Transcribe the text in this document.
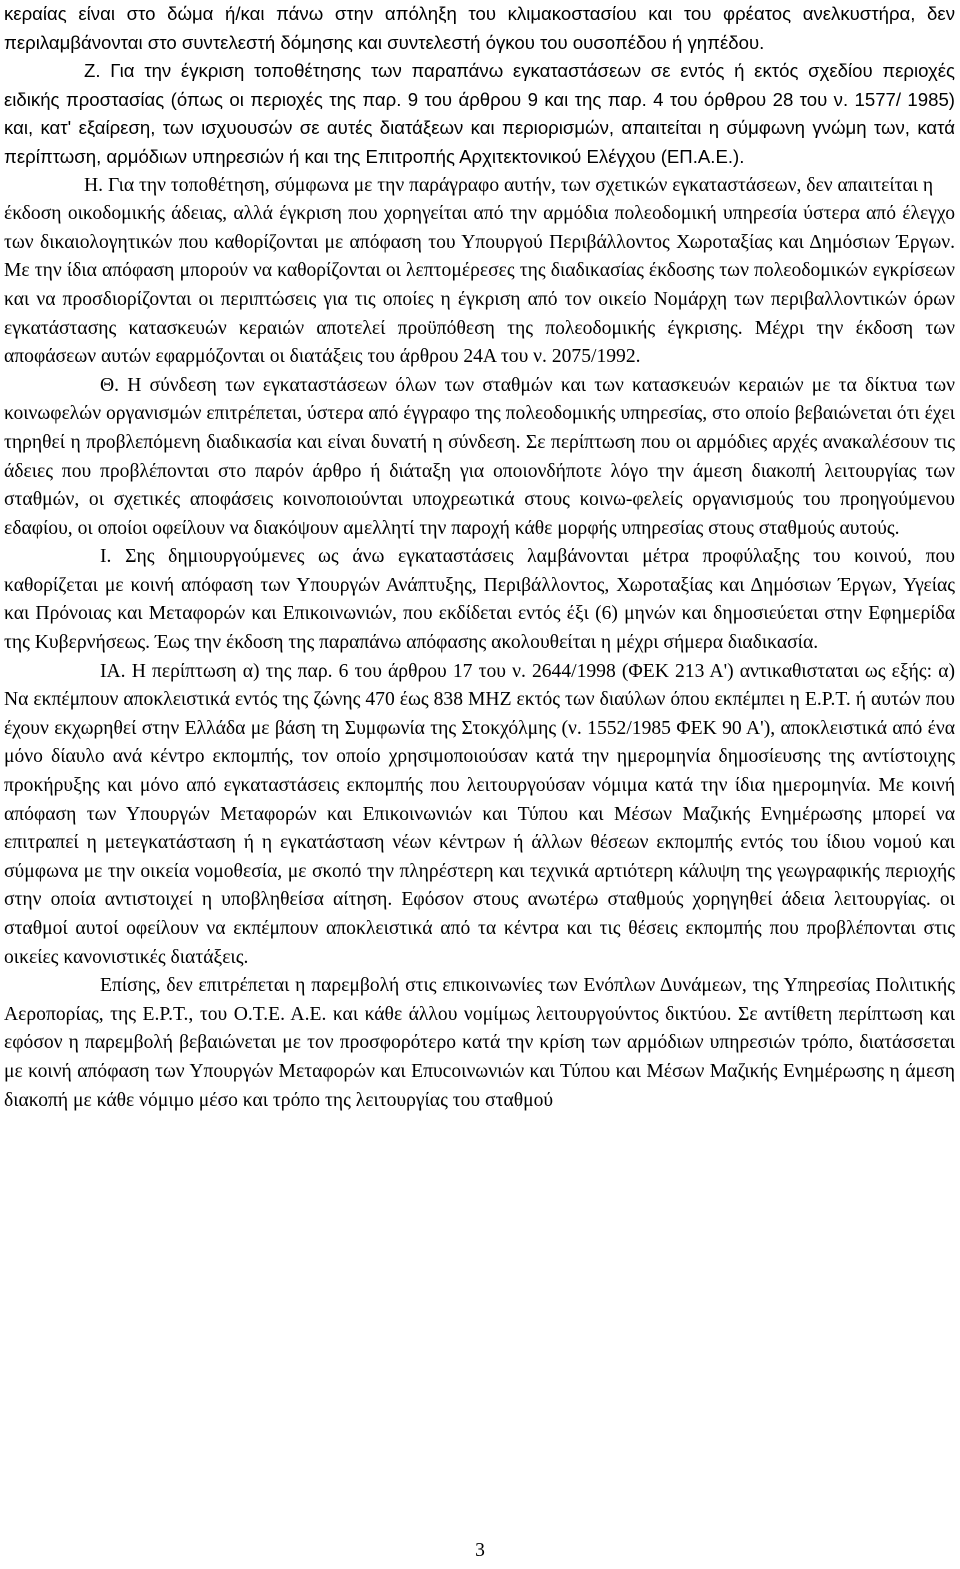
κεραίας είναι στο δώμα ή/και πάνω στην απόληξη του κλιμακοστασίου και του φρέατος ανελκυστήρα, δεν περιλαμβάνονται στο συντελεστή δόμησης και συντελεστή όγκου του ουσοπέδου ή γηπέδου.

Ζ. Για την έγκριση τοποθέτησης των παραπάνω εγκαταστάσεων σε εντός ή εκτός σχεδίου περιοχές ειδικής προστασίας (όπως οι περιοχές της παρ. 9 του άρθρου 9 και της παρ. 4 του όρθρου 28 του ν. 1577/ 1985) και, κατ' εξαίρεση, των ισχυουσών σε αυτές διατάξεων και περιορισμών, απαιτείται η σύμφωνη γνώμη των, κατά περίπτωση, αρμόδιων υπηρεσιών ή και της Επιτροπής Αρχιτεκτονικού Ελέγχου (ΕΠ.Α.Ε.).

Η. Για την τοποθέτηση, σύμφωνα με την παράγραφο αυτήν, των σχετικών εγκαταστάσεων, δεν απαιτείται η

έκδοση οικοδομικής άδειας, αλλά έγκριση που χορηγείται από την αρμόδια πολεοδομική υπηρεσία ύστερα από έλεγχο των δικαιολογητικών που καθορίζονται με απόφαση του Υπουργού Περιβάλλοντος Χωροταξίας και Δημόσιων Έργων. Με την ίδια απόφαση μπορούν να καθορίζονται οι λεπτομέρεσες της διαδικασίας έκδοσης των πολεοδομικών εγκρίσεων και να προσδιορίζονται οι περιπτώσεις για τις οποίες η έγκριση από τον οικείο Νομάρχη των περιβαλλοντικών όρων εγκατάστασης κατασκευών κεραιών αποτελεί προϋπόθεση της πολεοδομικής έγκρισης. Μέχρι την έκδοση των αποφάσεων αυτών εφαρμόζονται οι διατάξεις του άρθρου 24Α του ν. 2075/1992.

Θ. Η σύνδεση των εγκαταστάσεων όλων των σταθμών και των κατασκευών κεραιών με τα δίκτυα των κοινωφελών οργανισμών επιτρέπεται, ύστερα από έγγραφο της πολεοδομικής υπηρεσίας, στο οποίο βεβαιώνεται ότι έχει τηρηθεί η προβλεπόμενη διαδικασία και είναι δυνατή η σύνδεση. Σε περίπτωση που οι αρμόδιες αρχές ανακαλέσουν τις άδειες που προβλέπονται στο παρόν άρθρο ή διάταξη για οποιονδήποτε λόγο την άμεση διακοπή λειτουργίας των σταθμών, οι σχετικές αποφάσεις κοινοποιούνται υποχρεωτικά στους κοινω-φελείς οργανισμούς του προηγούμενου εδαφίου, οι οποίοι οφείλουν να διακόψουν αμελλητί την παροχή κάθε μορφής υπηρεσίας στους σταθμούς αυτούς.

Ι. Σης δημιουργούμενες ως άνω εγκαταστάσεις λαμβάνονται μέτρα προφύλαξης του κοινού, που καθορίζεται με κοινή απόφαση των Υπουργών Ανάπτυξης, Περιβάλλοντος, Χωροταξίας και Δημόσιων Έργων, Υγείας και Πρόνοιας και Μεταφορών και Επικοινωνιών, που εκδίδεται εντός έξι (6) μηνών και δημοσιεύεται στην Εφημερίδα της Κυβερνήσεως. Έως την έκδοση της παραπάνω απόφασης ακολουθείται η μέχρι σήμερα διαδικασία.

ΙΑ. Η περίπτωση α) της παρ. 6 του άρθρου 17 του ν. 2644/1998 (ΦΕΚ 213 Α') αντικαθισταται ως εξής: α) Να εκπέμπουν αποκλειστικά εντός της ζώνης 470 έως 838 MHZ εκτός των διαύλων όπου εκπέμπει η Ε.Ρ.Τ. ή αυτών που έχουν εκχωρηθεί στην Ελλάδα με βάση τη Συμφωνία της Στοκχόλμης (ν. 1552/1985 ΦΕΚ 90 Α'), αποκλειστικά από ένα μόνο δίαυλο ανά κέντρο εκπομπής, τον οποίο χρησιμοποιούσαν κατά την ημερομηνία δημοσίευσης της αντίστοιχης προκήρυξης και μόνο από εγκαταστάσεις εκπομπής που λειτουργούσαν νόμιμα κατά την ίδια ημερομηνία. Με κοινή απόφαση των Υπουργών Μεταφορών και Επικοινωνιών και Τύπου και Μέσων Μαζικής Ενημέρωσης μπορεί να επιτραπεί η μετεγκατάσταση ή η εγκατάσταση νέων κέντρων ή άλλων θέσεων εκπομπής εντός του ίδιου νομού και σύμφωνα με την οικεία νομοθεσία, με σκοπό την πληρέστερη και τεχνικά αρτιότερη κάλυψη της γεωγραφικής περιοχής στην οποία αντιστοιχεί η υποβληθείσα αίτηση. Εφόσον στους ανωτέρω σταθμούς χορηγηθεί άδεια λειτουργίας. οι σταθμοί αυτοί οφείλουν να εκπέμπουν αποκλειστικά από τα κέντρα και τις θέσεις εκπομπής που προβλέπονται στις οικείες κανονιστικές διατάξεις.

Επίσης, δεν επιτρέπεται η παρεμβολή στις επικοινωνίες των Ενόπλων Δυνάμεων, της Υπηρεσίας Πολιτικής Αεροπορίας, της Ε.Ρ.Τ., του Ο.Τ.Ε. Α.Ε. και κάθε άλλου νομίμως λειτουργούντος δικτύου. Σε αντίθετη περίπτωση και εφόσον η παρεμβολή βεβαιώνεται με τον προσφορότερο κατά την κρίση των αρμόδιων υπηρεσιών τρόπο, διατάσσεται με κοινή απόφαση των Υπουργών Μεταφορών και Επυcoινωνιών και Τύπου και Μέσων Μαζικής Ενημέρωσης η άμεση διακοπή με κάθε νόμιμο μέσο και τρόπο της λειτουργίας του σταθμού

3
